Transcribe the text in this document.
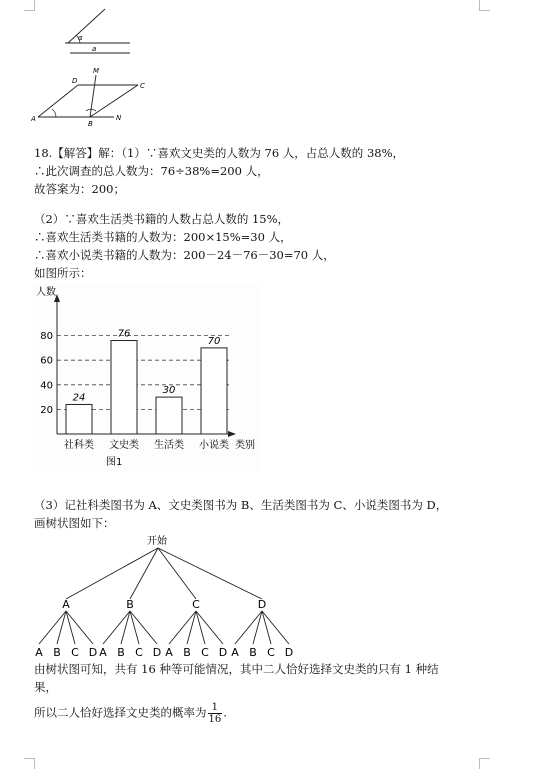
α
a
D
M
C
A
B
N
18.【解答】解：（1）∵喜欢文史类的人数为 76 人，占总人数的 38%，
∴此次调查的总人数为：76÷38%=200 人，
故答案为：200；
（2）∵喜欢生活类书籍的人数占总人数的 15%，
∴喜欢生活类书籍的人数为：200×15%=30 人，
∴喜欢小说类书籍的人数为：200－24－76－30=70 人，
如图所示：
20
40
60
80
24
社科类
76
文史类
30
生活类
70
小说类
人数
类别
图1
（3）记社科类图书为 A、文史类图书为 B、生活类图书为 C、小说类图书为 D，
画树状图如下：
开始
A
A B C D
B
A B C D
C
A B C D
D
A B C D
由树状图可知，共有 16 种等可能情况，其中二人恰好选择文史类的只有 1 种结
果，
所以二人恰好选择文史类的概率为 $\frac{1}{16}$ .
